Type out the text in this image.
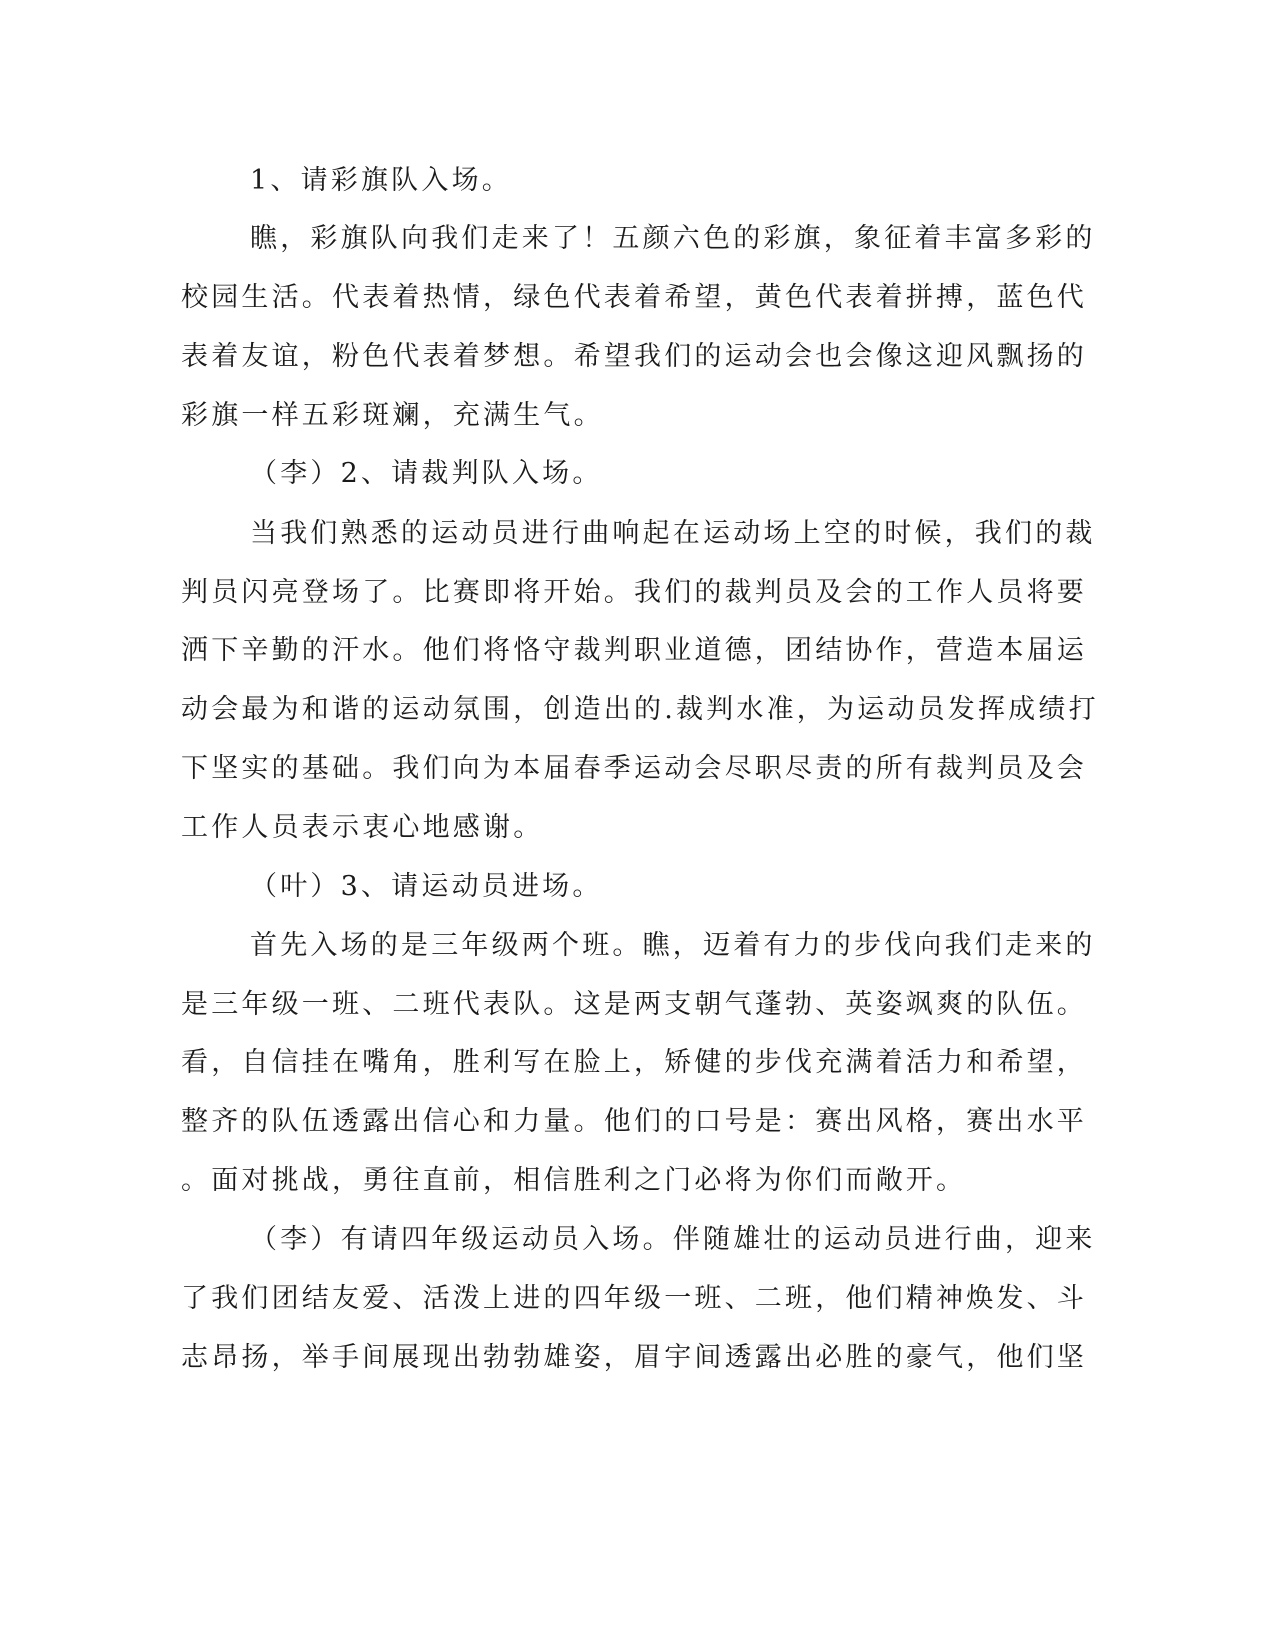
1、请彩旗队入场。
瞧，彩旗队向我们走来了！五颜六色的彩旗，象征着丰富多彩的
校园生活。代表着热情，绿色代表着希望，黄色代表着拼搏，蓝色代
表着友谊，粉色代表着梦想。希望我们的运动会也会像这迎风飘扬的
彩旗一样五彩斑斓，充满生气。
（李）2、请裁判队入场。
当我们熟悉的运动员进行曲响起在运动场上空的时候，我们的裁
判员闪亮登场了。比赛即将开始。我们的裁判员及会的工作人员将要
洒下辛勤的汗水。他们将恪守裁判职业道德，团结协作，营造本届运
动会最为和谐的运动氛围，创造出的.裁判水准，为运动员发挥成绩打
下坚实的基础。我们向为本届春季运动会尽职尽责的所有裁判员及会
工作人员表示衷心地感谢。
（叶）3、请运动员进场。
首先入场的是三年级两个班。瞧，迈着有力的步伐向我们走来的
是三年级一班、二班代表队。这是两支朝气蓬勃、英姿飒爽的队伍。
看，自信挂在嘴角，胜利写在脸上，矫健的步伐充满着活力和希望，
整齐的队伍透露出信心和力量。他们的口号是：赛出风格，赛出水平
。面对挑战，勇往直前，相信胜利之门必将为你们而敞开。
（李）有请四年级运动员入场。伴随雄壮的运动员进行曲，迎来
了我们团结友爱、活泼上进的四年级一班、二班，他们精神焕发、斗
志昂扬，举手间展现出勃勃雄姿，眉宇间透露出必胜的豪气，他们坚
